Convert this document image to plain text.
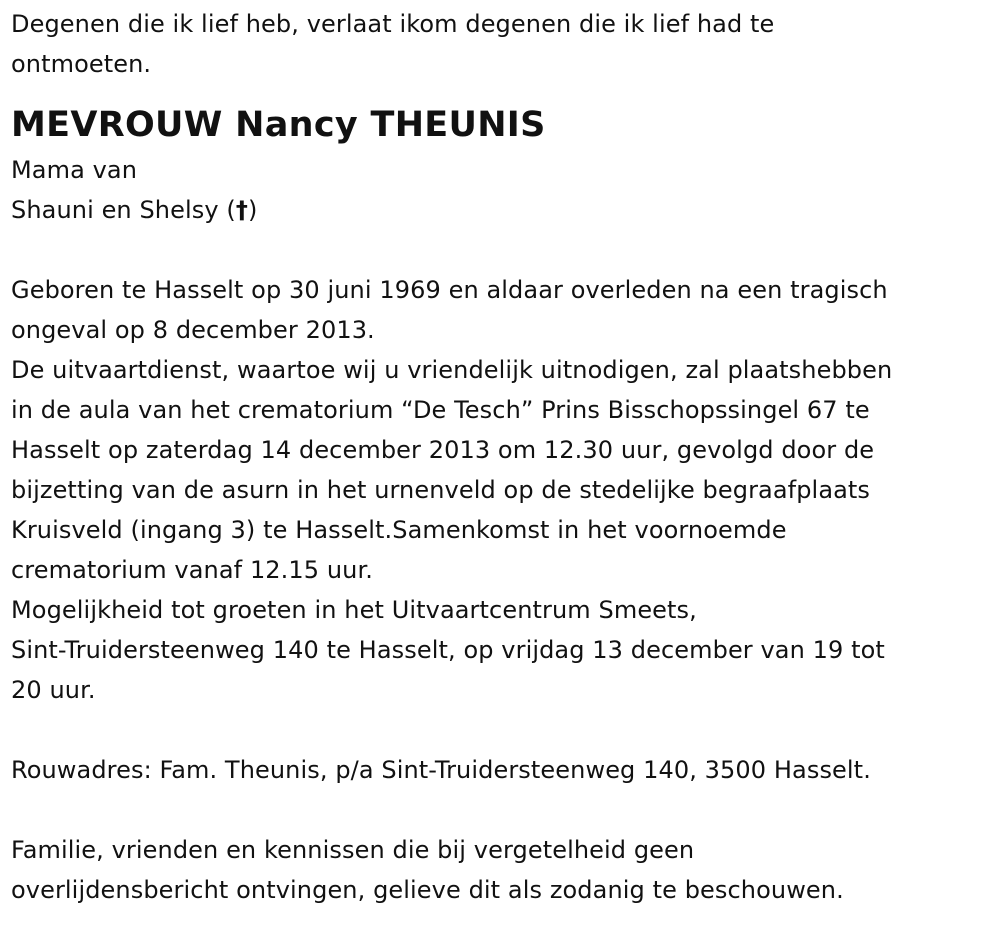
Degenen die ik lief heb, verlaat ikom degenen die ik lief had te
ontmoeten.
MEVROUW Nancy THEUNIS
Mama van
Shauni en Shelsy (†)
Geboren te Hasselt op 30 juni 1969 en aldaar overleden na een tragisch
ongeval op 8 december 2013.
De uitvaartdienst, waartoe wij u vriendelijk uitnodigen, zal plaatshebben
in de aula van het crematorium “De Tesch” Prins Bisschopssingel 67 te
Hasselt op zaterdag 14 december 2013 om 12.30 uur, gevolgd door de
bijzetting van de asurn in het urnenveld op de stedelijke begraafplaats
Kruisveld (ingang 3) te Hasselt.Samenkomst in het voornoemde
crematorium vanaf 12.15 uur.
Mogelijkheid tot groeten in het Uitvaartcentrum Smeets,
Sint-Truidersteenweg 140 te Hasselt, op vrijdag 13 december van 19 tot
20 uur.
Rouwadres: Fam. Theunis, p/a Sint-Truidersteenweg 140, 3500 Hasselt.
Familie, vrienden en kennissen die bij vergetelheid geen
overlijdensbericht ontvingen, gelieve dit als zodanig te beschouwen.
